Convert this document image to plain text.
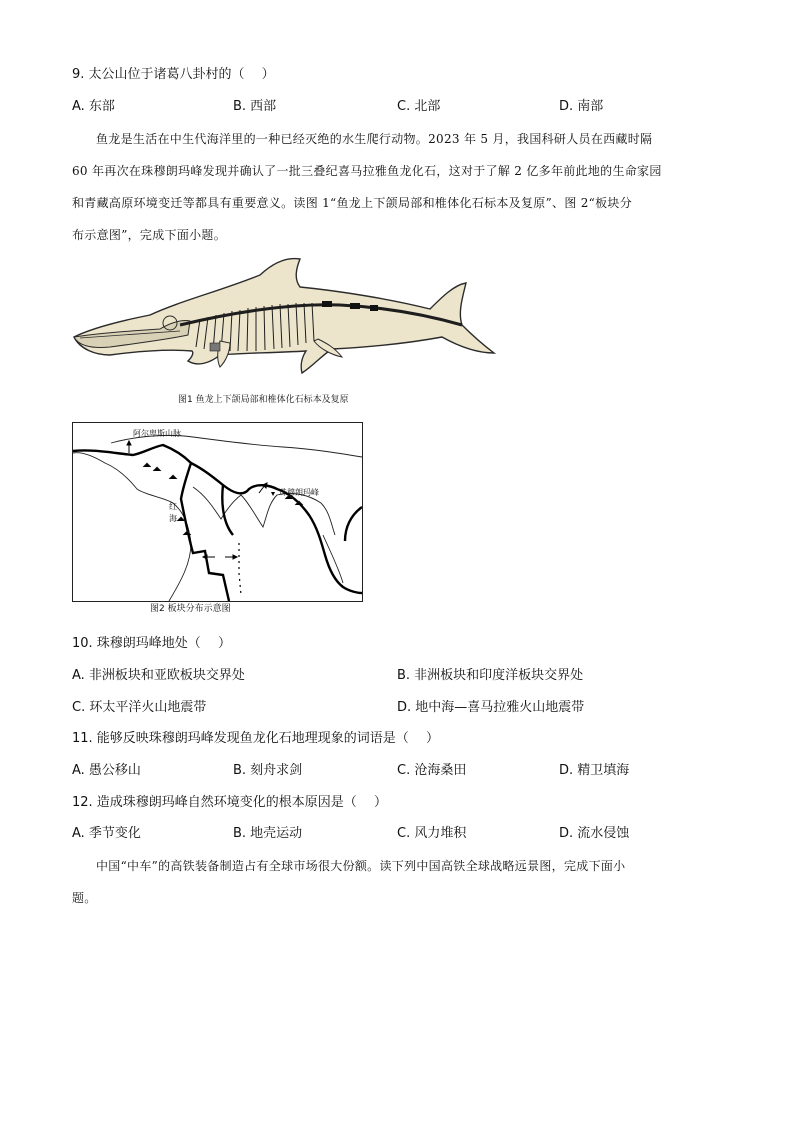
9. 太公山位于诸葛八卦村的（　 ）
A. 东部	B. 西部	C. 北部	D. 南部
鱼龙是生活在中生代海洋里的一种已经灭绝的水生爬行动物。2023 年 5 月，我国科研人员在西藏时隔
60 年再次在珠穆朗玛峰发现并确认了一批三叠纪喜马拉雅鱼龙化石，这对于了解 2 亿多年前此地的生命家园
和青藏高原环境变迁等都具有重要意义。读图 1“鱼龙上下颌局部和椎体化石标本及复原”、图 2“板块分
布示意图”，完成下面小题。
图1 鱼龙上下颌局部和椎体化石标本及复原
阿尔卑斯山脉
珠穆朗玛峰
红
海
图2 板块分布示意图
10. 珠穆朗玛峰地处（　 ）
A. 非洲板块和亚欧板块交界处	B. 非洲板块和印度洋板块交界处
C. 环太平洋火山地震带	D. 地中海—喜马拉雅火山地震带
11. 能够反映珠穆朗玛峰发现鱼龙化石地理现象的词语是（　 ）
A. 愚公移山	B. 刻舟求剑	C. 沧海桑田	D. 精卫填海
12. 造成珠穆朗玛峰自然环境变化的根本原因是（　 ）
A. 季节变化	B. 地壳运动	C. 风力堆积	D. 流水侵蚀
中国“中车”的高铁装备制造占有全球市场很大份额。读下列中国高铁全球战略远景图，完成下面小
题。
